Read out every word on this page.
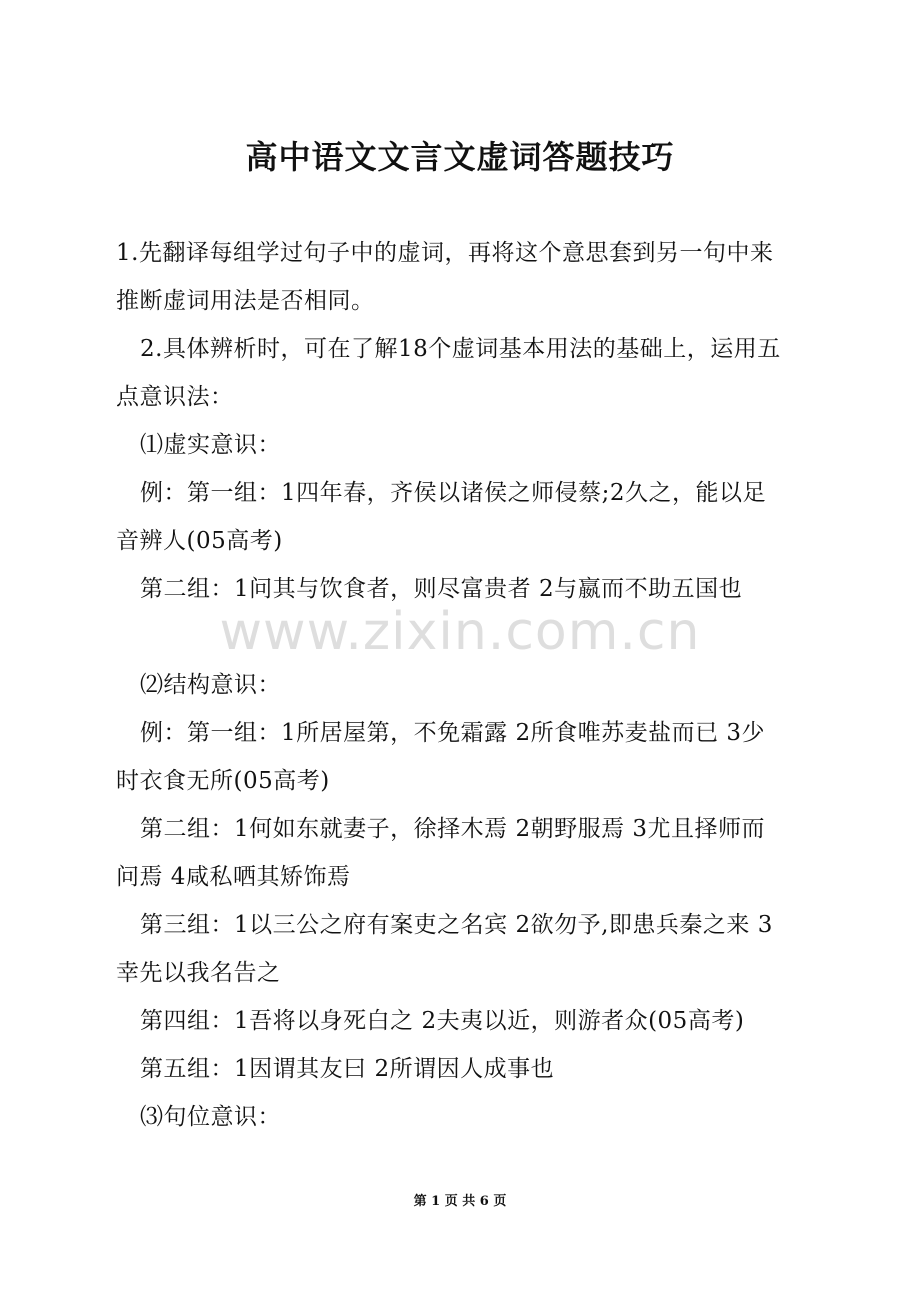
高中语文文言文虚词答题技巧
1.先翻译每组学过句子中的虚词，再将这个意思套到另一句中来
推断虚词用法是否相同。
2.具体辨析时，可在了解18个虚词基本用法的基础上，运用五
点意识法：
⑴虚实意识：
例：第一组：1四年春，齐侯以诸侯之师侵蔡;2久之，能以足
音辨人(05高考)
第二组：1问其与饮食者，则尽富贵者 2与嬴而不助五国也
www.zixin.com.cn
⑵结构意识：
例：第一组：1所居屋第，不免霜露 2所食唯苏麦盐而已 3少
时衣食无所(05高考)
第二组：1何如东就妻子，徐择木焉 2朝野服焉 3尤且择师而
问焉 4咸私哂其矫饰焉
第三组：1以三公之府有案吏之名宾 2欲勿予,即患兵秦之来 3
幸先以我名告之
第四组：1吾将以身死白之 2夫夷以近，则游者众(05高考)
第五组：1因谓其友曰 2所谓因人成事也
⑶句位意识：
第 1 页 共 6 页
